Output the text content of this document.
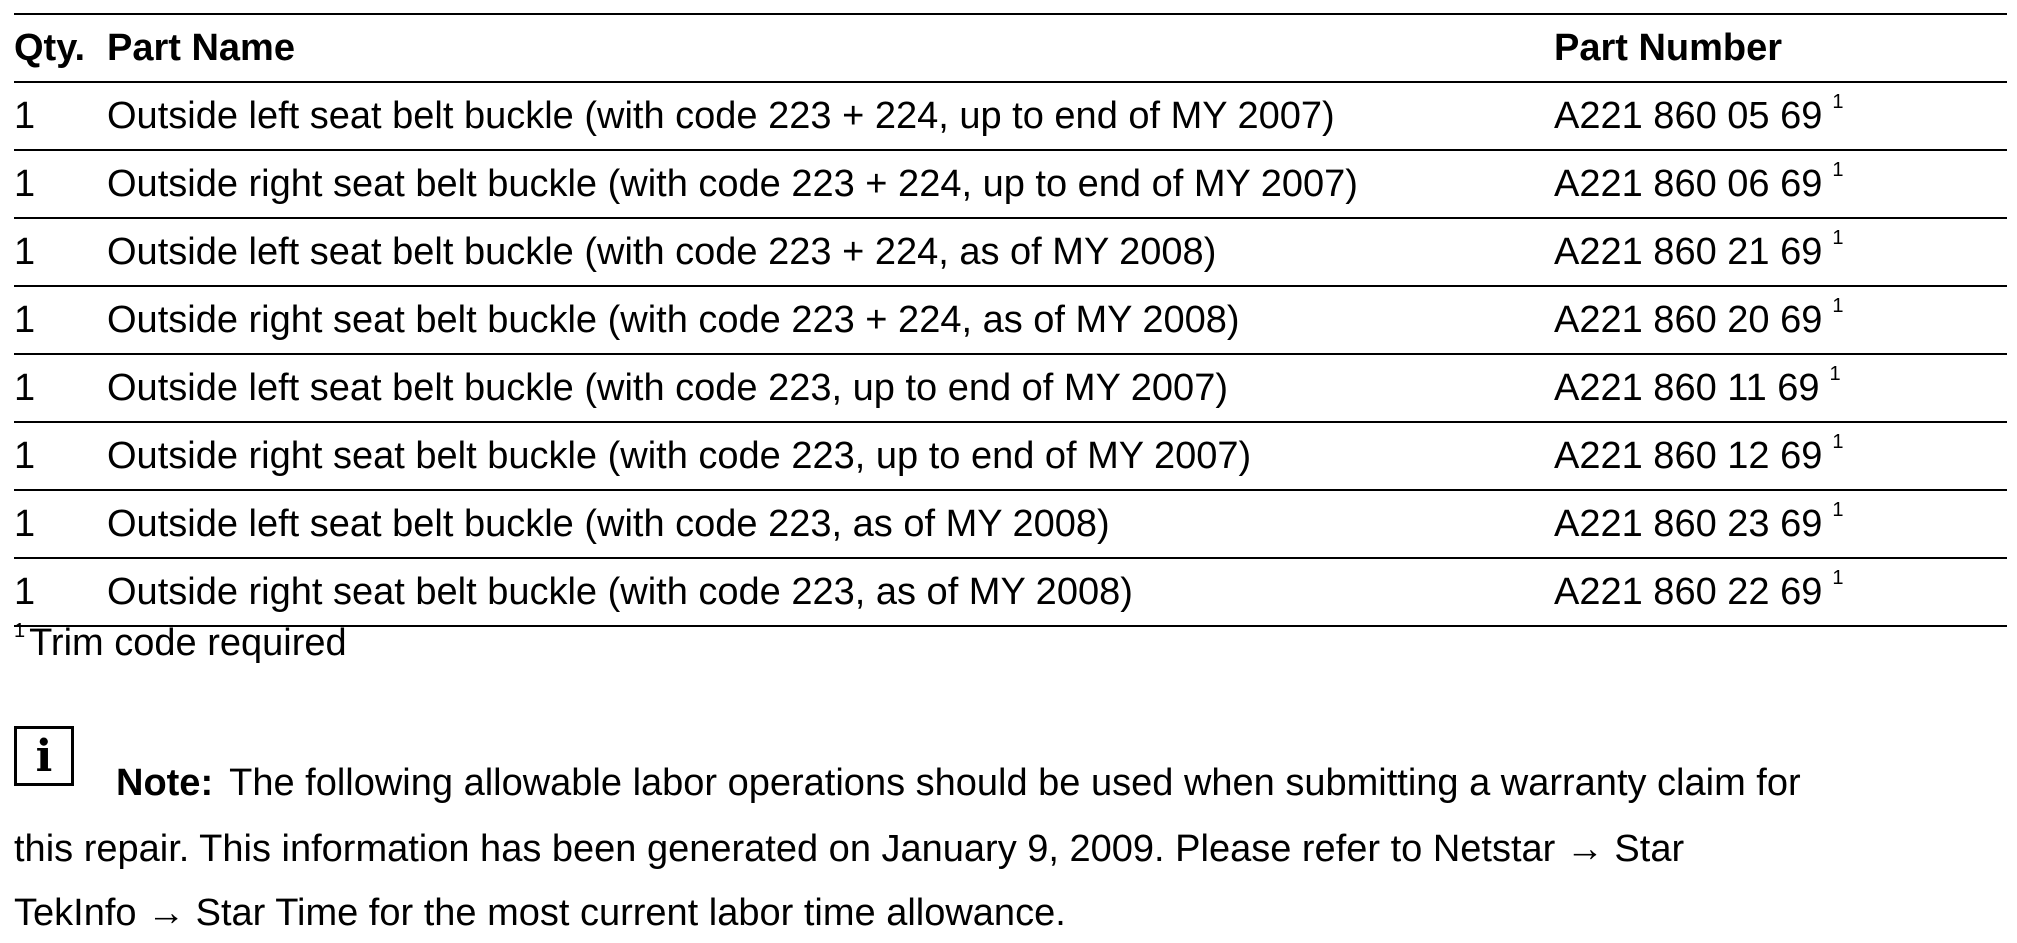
Qty.	Part Name	Part Number
1	Outside left seat belt buckle (with code 223 + 224, up to end of MY 2007)	A221 860 05 69 $^1$
1	Outside right seat belt buckle (with code 223 + 224, up to end of MY 2007)	A221 860 06 69 $^1$
1	Outside left seat belt buckle (with code 223 + 224, as of MY 2008)	A221 860 21 69 $^1$
1	Outside right seat belt buckle (with code 223 + 224, as of MY 2008)	A221 860 20 69 $^1$
1	Outside left seat belt buckle (with code 223, up to end of MY 2007)	A221 860 11 69 $^1$
1	Outside right seat belt buckle (with code 223, up to end of MY 2007)	A221 860 12 69 $^1$
1	Outside left seat belt buckle (with code 223, as of MY 2008)	A221 860 23 69 $^1$
1	Outside right seat belt buckle (with code 223, as of MY 2008)	A221 860 22 69 $^1$
$^1$ Trim code required
i
Note: The following allowable labor operations should be used when submitting a warranty claim for
this repair. This information has been generated on January 9, 2009. Please refer to Netstar → Star
TekInfo → Star Time for the most current labor time allowance.
